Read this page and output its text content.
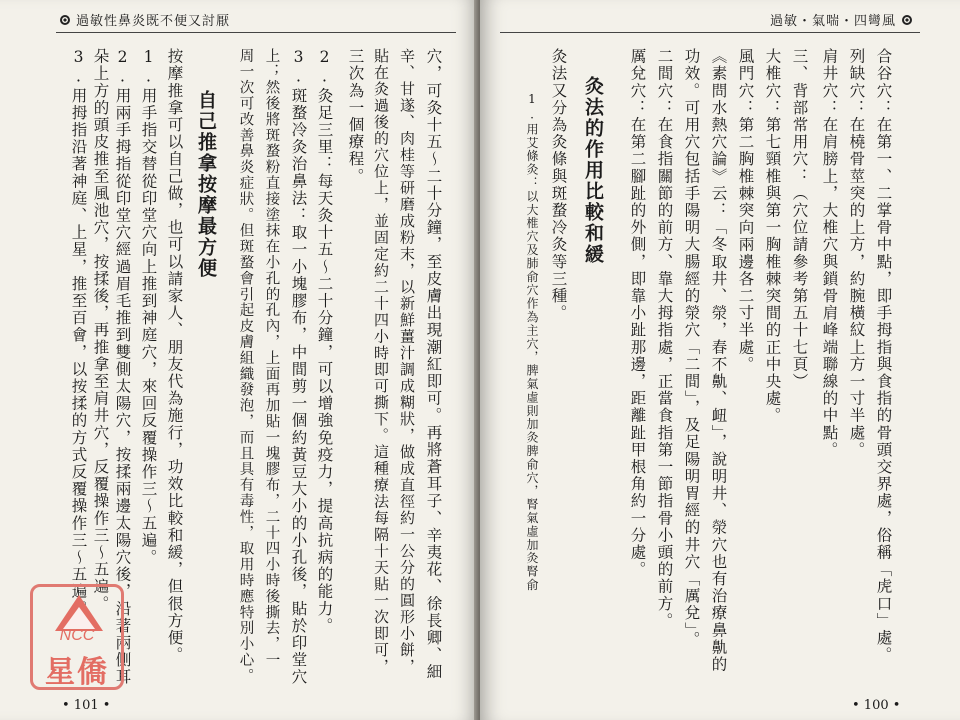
過敏性鼻炎既不便又討厭
穴，可灸十五～二十分鐘，至皮膚出現潮紅即可。再將蒼耳子、辛夷花、徐長卿、細
辛、甘遂、肉桂等研磨成粉末，以新鮮薑汁調成糊狀，做成直徑約一公分的圓形小餅，
貼在灸過後的穴位上，並固定約二十四小時即可撕下。這種療法每隔十天貼一次即可，
三次為一個療程。
2.灸足三里：每天灸十五～二十分鐘，可以增強免疫力，提高抗病的能力。
3.斑蝥冷灸治鼻法：取一小塊膠布，中間剪一個約黃豆大小的小孔後，貼於印堂穴
上；然後將斑蝥粉直接塗抹在小孔的孔內，上面再加貼一塊膠布，二十四小時後撕去，一
周一次可改善鼻炎症狀。但斑蝥會引起皮膚組織發泡，而且具有毒性，取用時應特別小心。
自己推拿按摩最方便
按摩推拿可以自己做，也可以請家人、朋友代為施行，功效比較和緩，但很方便。
1.用手指交替從印堂穴向上推到神庭穴，來回反覆操作三～五遍。
2.用兩手拇指從印堂穴經過眉毛推到雙側太陽穴，按揉兩邊太陽穴後，沿著兩側耳
朵上方的頭皮推至風池穴，按揉後，再推拿至肩井穴，反覆操作三～五遍。
3.用拇指沿著神庭、上星，推至百會，以按揉的方式反覆操作三～五遍。
• 101 •
NCC
星僑
過敏・氣喘・四彎風
合谷穴：在第一、二掌骨中點，即手拇指與食指的骨頭交界處，俗稱「虎口」處。
列缺穴：在橈骨莖突的上方，約腕橫紋上方一寸半處。
肩井穴：在肩膀上，大椎穴與鎖骨肩峰端聯線的中點。
三、背部常用穴：（穴位請參考第五十七頁）
大椎穴：第七頸椎與第一胸椎棘突間的正中央處。
風門穴：第二胸椎棘突向兩邊各二寸半處。
《素問水熱穴論》云：「冬取井、滎，春不鼽、衄」，說明井、滎穴也有治療鼻鼽的
功效。可用穴包括手陽明大腸經的滎穴「二間」，及足陽明胃經的井穴「厲兌」。
二間穴：在食指關節的前方、靠大拇指處，正當食指第一節指骨小頭的前方。
厲兌穴：在第二腳趾的外側，即靠小趾那邊，距離趾甲根角約一分處。
灸法的作用比較和緩
灸法又分為灸條與斑蝥冷灸等三種。
1.用艾條灸：以大椎穴及肺俞穴作為主穴，脾氣虛則加灸脾俞穴，腎氣虛加灸腎俞
• 100 •
